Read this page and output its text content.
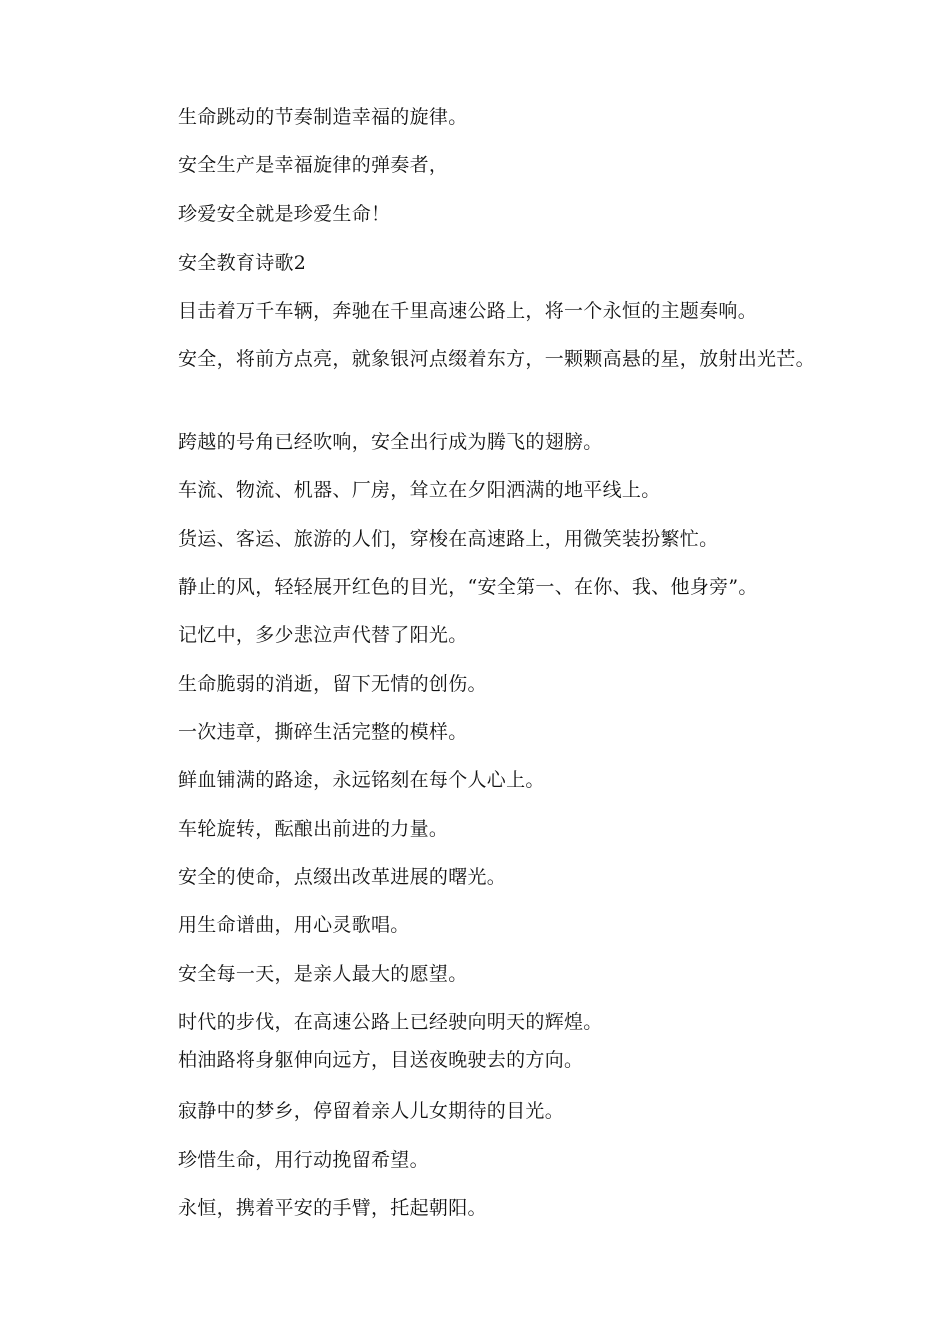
生命跳动的节奏制造幸福的旋律。
安全生产是幸福旋律的弹奏者，
珍爱安全就是珍爱生命！
安全教育诗歌2
目击着万千车辆，奔驰在千里高速公路上，将一个永恒的主题奏响。
安全，将前方点亮，就象银河点缀着东方，一颗颗高悬的星，放射出光芒。
跨越的号角已经吹响，安全出行成为腾飞的翅膀。
车流、物流、机器、厂房，耸立在夕阳洒满的地平线上。
货运、客运、旅游的人们，穿梭在高速路上，用微笑装扮繁忙。
静止的风，轻轻展开红色的目光，“安全第一、在你、我、他身旁”。
记忆中，多少悲泣声代替了阳光。
生命脆弱的消逝，留下无情的创伤。
一次违章，撕碎生活完整的模样。
鲜血铺满的路途，永远铭刻在每个人心上。
车轮旋转，酝酿出前进的力量。
安全的使命，点缀出改革进展的曙光。
用生命谱曲，用心灵歌唱。
安全每一天，是亲人最大的愿望。
时代的步伐，在高速公路上已经驶向明天的辉煌。
柏油路将身躯伸向远方，目送夜晚驶去的方向。
寂静中的梦乡，停留着亲人儿女期待的目光。
珍惜生命，用行动挽留希望。
永恒，携着平安的手臂，托起朝阳。
